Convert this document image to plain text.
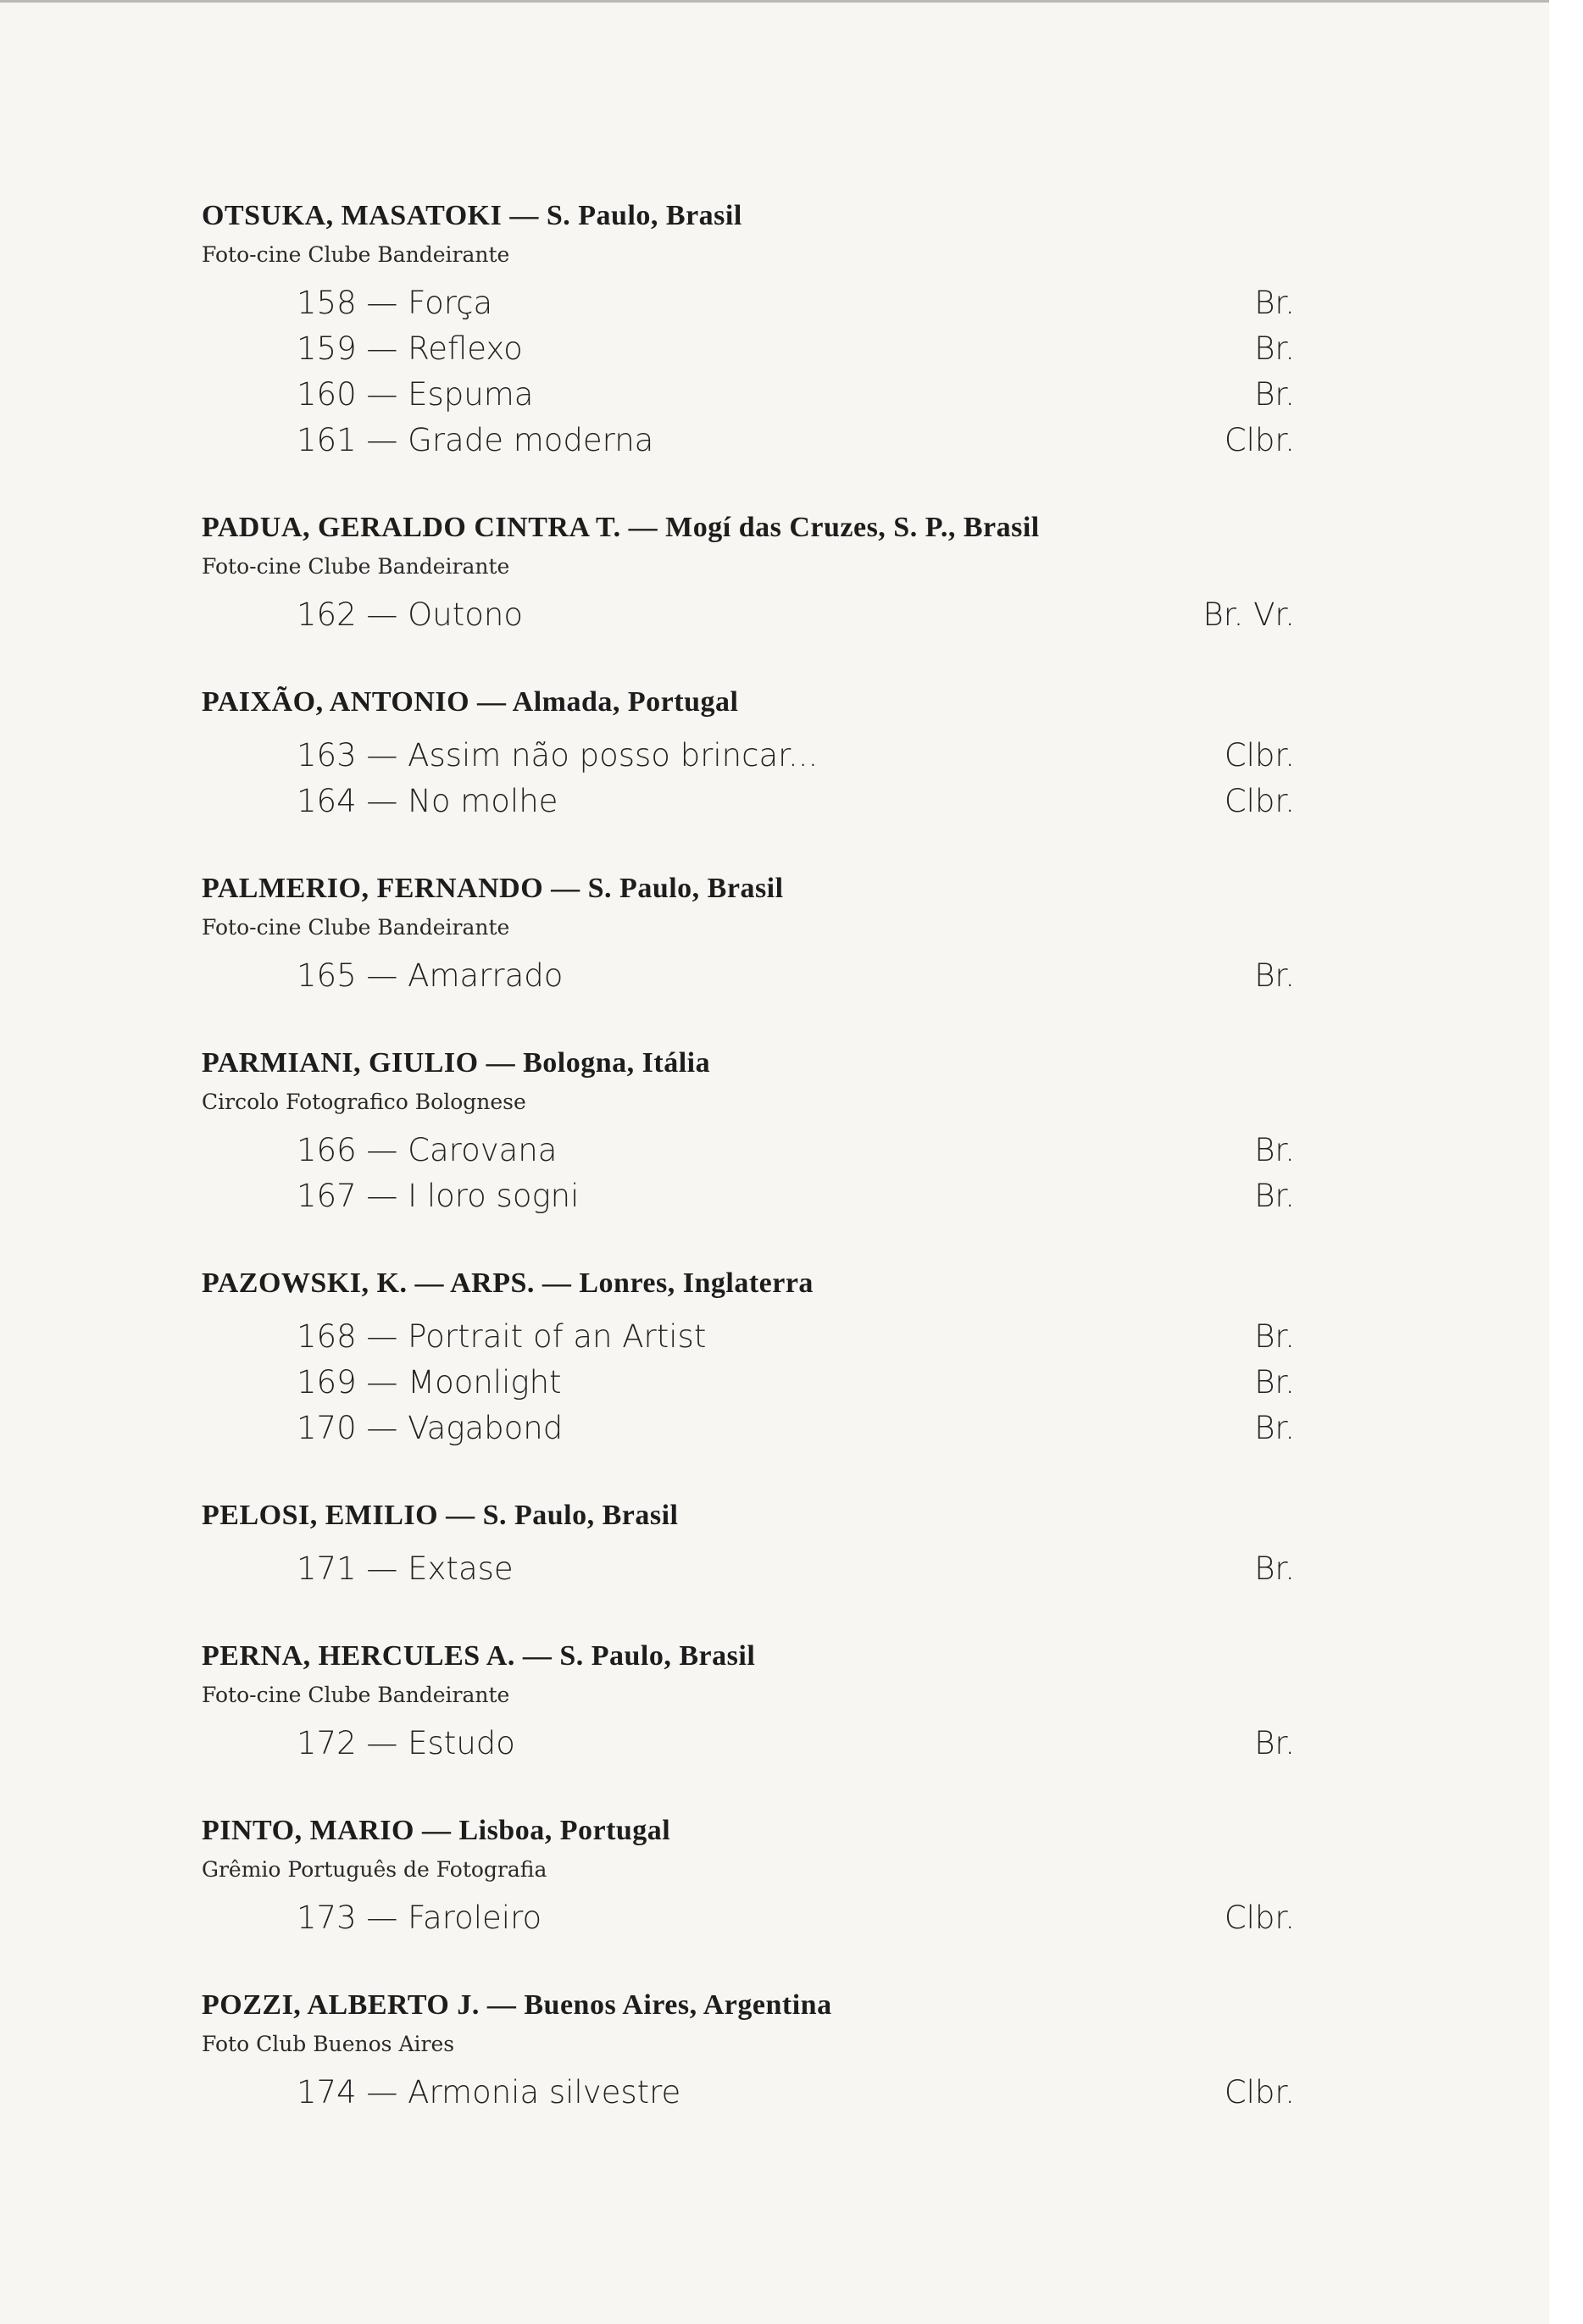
OTSUKA, MASATOKI — S. Paulo, Brasil

Foto-cine Clube Bandeirante

158 — Força	Br.
159 — Reflexo	Br.
160 — Espuma	Br.
161 — Grade moderna	Clbr.

PADUA, GERALDO CINTRA T. — Mogí das Cruzes, S. P., Brasil

Foto-cine Clube Bandeirante

162 — Outono	Br. Vr.

PAIXÃO, ANTONIO — Almada, Portugal

163 — Assim não posso brincar...	Clbr.
164 — No molhe	Clbr.

PALMERIO, FERNANDO — S. Paulo, Brasil

Foto-cine Clube Bandeirante

165 — Amarrado	Br.

PARMIANI, GIULIO — Bologna, Itália

Circolo Fotografico Bolognese

166 — Carovana	Br.
167 — I loro sogni	Br.

PAZOWSKI, K. — ARPS. — Lonres, Inglaterra

168 — Portrait of an Artist	Br.
169 — Moonlight	Br.
170 — Vagabond	Br.

PELOSI, EMILIO — S. Paulo, Brasil

171 — Extase	Br.

PERNA, HERCULES A. — S. Paulo, Brasil

Foto-cine Clube Bandeirante

172 — Estudo	Br.

PINTO, MARIO — Lisboa, Portugal

Grêmio Português de Fotografia

173 — Faroleiro	Clbr.

POZZI, ALBERTO J. — Buenos Aires, Argentina

Foto Club Buenos Aires

174 — Armonia silvestre	Clbr.
